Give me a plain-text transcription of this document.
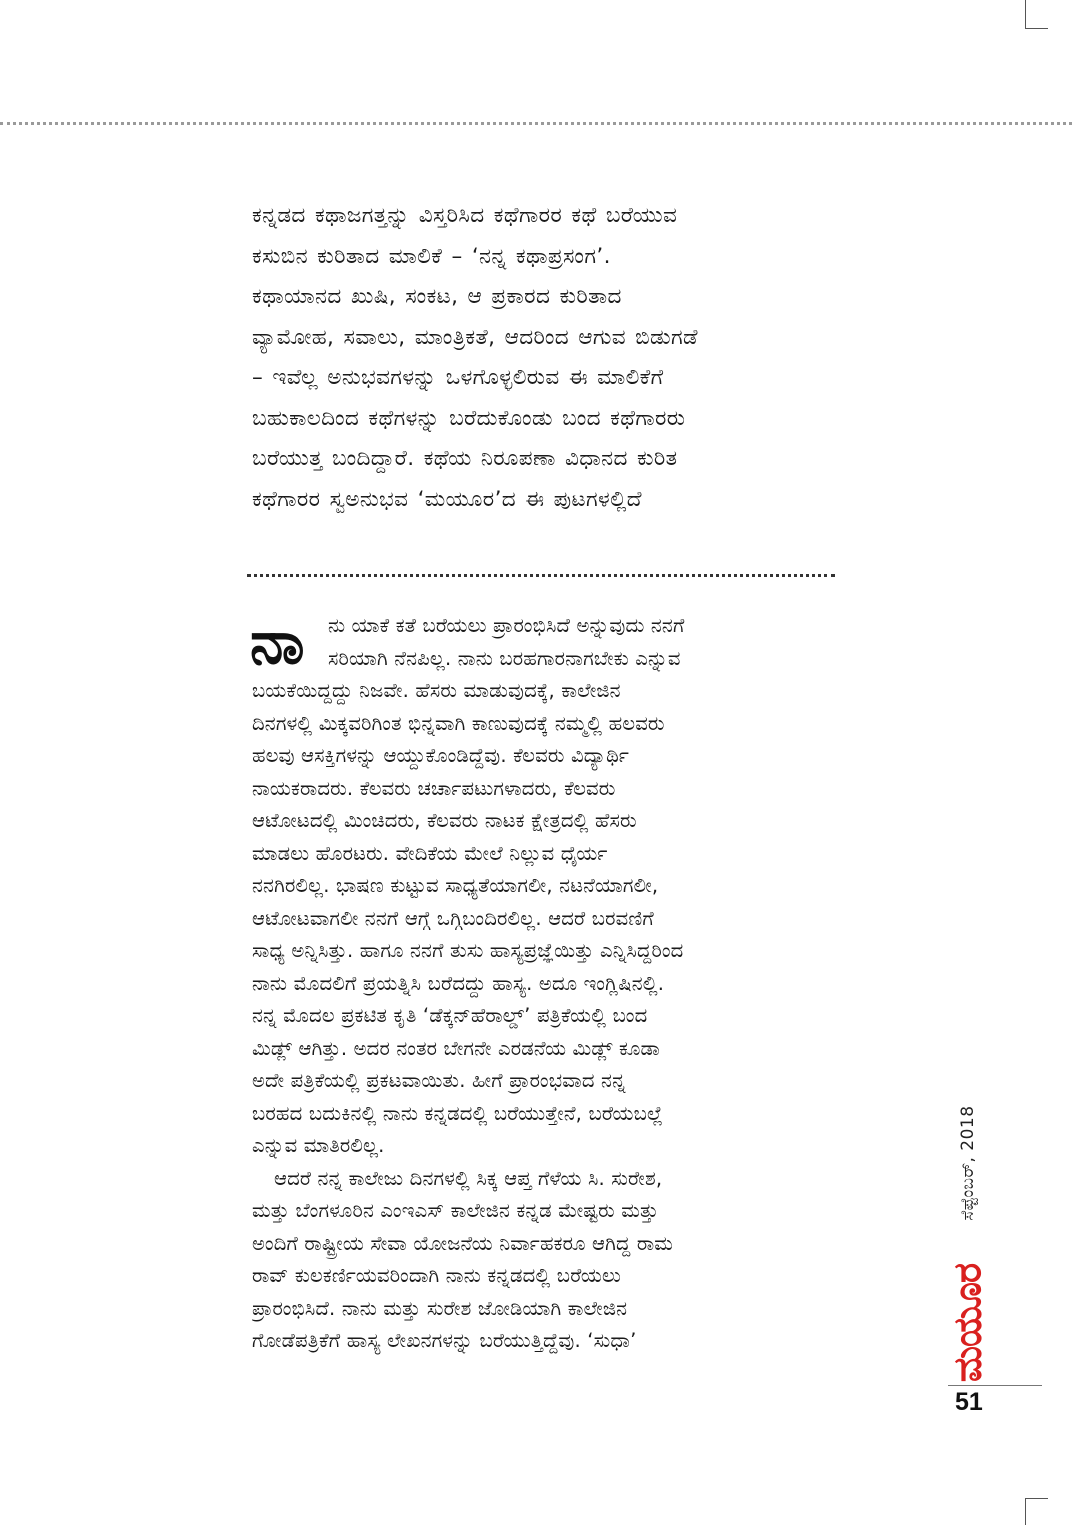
ಕನ್ನಡದ ಕಥಾಜಗತ್ತನ್ನು ವಿಸ್ತರಿಸಿದ ಕಥೆಗಾರರ ಕಥೆ ಬರೆಯುವ
ಕಸುಬಿನ ಕುರಿತಾದ ಮಾಲಿಕೆ – ‘ನನ್ನ ಕಥಾಪ್ರಸಂಗ’.
ಕಥಾಯಾನದ ಖುಷಿ, ಸಂಕಟ, ಆ ಪ್ರಕಾರದ ಕುರಿತಾದ
ವ್ಯಾಮೋಹ, ಸವಾಲು, ಮಾಂತ್ರಿಕತೆ, ಆದರಿಂದ ಆಗುವ ಬಿಡುಗಡೆ
– ಇವೆಲ್ಲ ಅನುಭವಗಳನ್ನು ಒಳಗೊಳ್ಳಲಿರುವ ಈ ಮಾಲಿಕೆಗೆ
ಬಹುಕಾಲದಿಂದ ಕಥೆಗಳನ್ನು ಬರೆದುಕೊಂಡು ಬಂದ ಕಥೆಗಾರರು
ಬರೆಯುತ್ತ ಬಂದಿದ್ದಾರೆ. ಕಥೆಯ ನಿರೂಪಣಾ ವಿಧಾನದ ಕುರಿತ
ಕಥೆಗಾರರ ಸ್ವಅನುಭವ ‘ಮಯೂರ’ದ ಈ ಪುಟಗಳಲ್ಲಿದೆ
ನಾ	ನು ಯಾಕೆ ಕತೆ ಬರೆಯಲು ಪ್ರಾರಂಭಿಸಿದೆ ಅನ್ನುವುದು ನನಗೆ
ಸರಿಯಾಗಿ ನೆನಪಿಲ್ಲ. ನಾನು ಬರಹಗಾರನಾಗಬೇಕು ಎನ್ನುವ
ಬಯಕೆಯಿದ್ದದ್ದು ನಿಜವೇ. ಹೆಸರು ಮಾಡುವುದಕ್ಕೆ, ಕಾಲೇಜಿನ
ದಿನಗಳಲ್ಲಿ ಮಿಕ್ಕವರಿಗಿಂತ ಭಿನ್ನವಾಗಿ ಕಾಣುವುದಕ್ಕೆ ನಮ್ಮಲ್ಲಿ ಹಲವರು
ಹಲವು ಆಸಕ್ತಿಗಳನ್ನು ಆಯ್ದುಕೊಂಡಿದ್ದೆವು. ಕೆಲವರು ವಿದ್ಯಾರ್ಥಿ
ನಾಯಕರಾದರು. ಕೆಲವರು ಚರ್ಚಾಪಟುಗಳಾದರು, ಕೆಲವರು
ಆಟೋಟದಲ್ಲಿ ಮಿಂಚಿದರು, ಕೆಲವರು ನಾಟಕ ಕ್ಷೇತ್ರದಲ್ಲಿ ಹೆಸರು
ಮಾಡಲು ಹೊರಟರು. ವೇದಿಕೆಯ ಮೇಲೆ ನಿಲ್ಲುವ ಧೈರ್ಯ
ನನಗಿರಲಿಲ್ಲ. ಭಾಷಣ ಕುಟ್ಟುವ ಸಾಧ್ಯತೆಯಾಗಲೀ, ನಟನೆಯಾಗಲೀ,
ಆಟೋಟವಾಗಲೀ ನನಗೆ ಆಗ್ಗೆ ಒಗ್ಗಿಬಂದಿರಲಿಲ್ಲ. ಆದರೆ ಬರವಣಿಗೆ
ಸಾಧ್ಯ ಅನ್ನಿಸಿತ್ತು. ಹಾಗೂ ನನಗೆ ತುಸು ಹಾಸ್ಯಪ್ರಜ್ಞೆಯಿತ್ತು ಎನ್ನಿಸಿದ್ದರಿಂದ
ನಾನು ಮೊದಲಿಗೆ ಪ್ರಯತ್ನಿಸಿ ಬರೆದದ್ದು ಹಾಸ್ಯ. ಅದೂ ಇಂಗ್ಲಿಷಿನಲ್ಲಿ.
ನನ್ನ ಮೊದಲ ಪ್ರಕಟಿತ ಕೃತಿ ‘ಡೆಕ್ಕನ್‌ಹೆರಾಲ್ಡ್’ ಪತ್ರಿಕೆಯಲ್ಲಿ ಬಂದ
ಮಿಡ್ಲ್ ಆಗಿತ್ತು. ಅದರ ನಂತರ ಬೇಗನೇ ಎರಡನೆಯ ಮಿಡ್ಲ್ ಕೂಡಾ
ಅದೇ ಪತ್ರಿಕೆಯಲ್ಲಿ ಪ್ರಕಟವಾಯಿತು. ಹೀಗೆ ಪ್ರಾರಂಭವಾದ ನನ್ನ
ಬರಹದ ಬದುಕಿನಲ್ಲಿ ನಾನು ಕನ್ನಡದಲ್ಲಿ ಬರೆಯುತ್ತೇನೆ, ಬರೆಯಬಲ್ಲೆ
ಎನ್ನುವ ಮಾತಿರಲಿಲ್ಲ.
ಆದರೆ ನನ್ನ ಕಾಲೇಜು ದಿನಗಳಲ್ಲಿ ಸಿಕ್ಕ ಆಪ್ತ ಗೆಳೆಯ ಸಿ. ಸುರೇಶ,
ಮತ್ತು ಬೆಂಗಳೂರಿನ ಎಂಇಎಸ್ ಕಾಲೇಜಿನ ಕನ್ನಡ ಮೇಷ್ಟರು ಮತ್ತು
ಅಂದಿಗೆ ರಾಷ್ಟ್ರೀಯ ಸೇವಾ ಯೋಜನೆಯ ನಿರ್ವಾಹಕರೂ ಆಗಿದ್ದ ರಾಮ
ರಾವ್ ಕುಲಕರ್ಣಿಯವರಿಂದಾಗಿ ನಾನು ಕನ್ನಡದಲ್ಲಿ ಬರೆಯಲು
ಪ್ರಾರಂಭಿಸಿದೆ. ನಾನು ಮತ್ತು ಸುರೇಶ ಜೋಡಿಯಾಗಿ ಕಾಲೇಜಿನ
ಗೋಡೆಪತ್ರಿಕೆಗೆ ಹಾಸ್ಯ ಲೇಖನಗಳನ್ನು ಬರೆಯುತ್ತಿದ್ದೆವು. ‘ಸುಧಾ’
ಸೆಪ್ಟೆಂಬರ್, 2018
ಮಯೂರ
51
